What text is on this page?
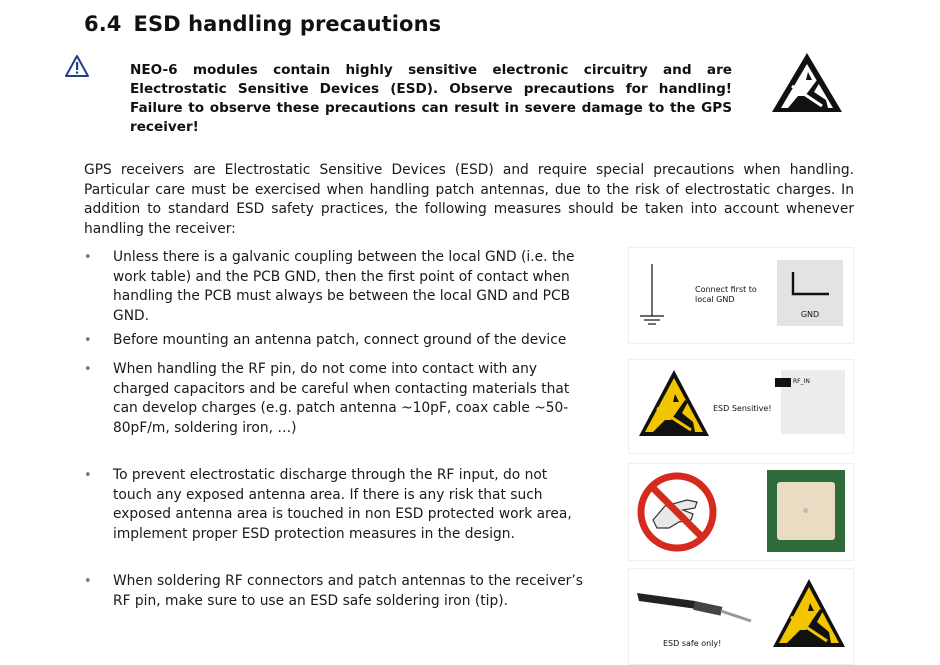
6.4 ESD handling precautions
NEO-6 modules contain highly sensitive electronic circuitry and are Electrostatic Sensitive Devices (ESD). Observe precautions for handling! Failure to observe these precautions can result in severe damage to the GPS receiver!
GPS receivers are Electrostatic Sensitive Devices (ESD) and require special precautions when handling. Particular care must be exercised when handling patch antennas, due to the risk of electrostatic charges. In addition to standard ESD safety practices, the following measures should be taken into account whenever handling the receiver:
• Unless there is a galvanic coupling between the local GND (i.e. the work table) and the PCB GND, then the first point of contact when handling the PCB must always be between the local GND and PCB GND.
• Before mounting an antenna patch, connect ground of the device
• When handling the RF pin, do not come into contact with any charged capacitors and be careful when contacting materials that can develop charges (e.g. patch antenna ~10pF, coax cable ~50-80pF/m, soldering iron, …)
• To prevent electrostatic discharge through the RF input, do not touch any exposed antenna area. If there is any risk that such exposed antenna area is touched in non ESD protected work area, implement proper ESD protection measures in the design.
• When soldering RF connectors and patch antennas to the receiver’s RF pin, make sure to use an ESD safe soldering iron (tip).
Connect first to local GND
GND
ESD Sensitive!
RF_IN
ESD safe only!
